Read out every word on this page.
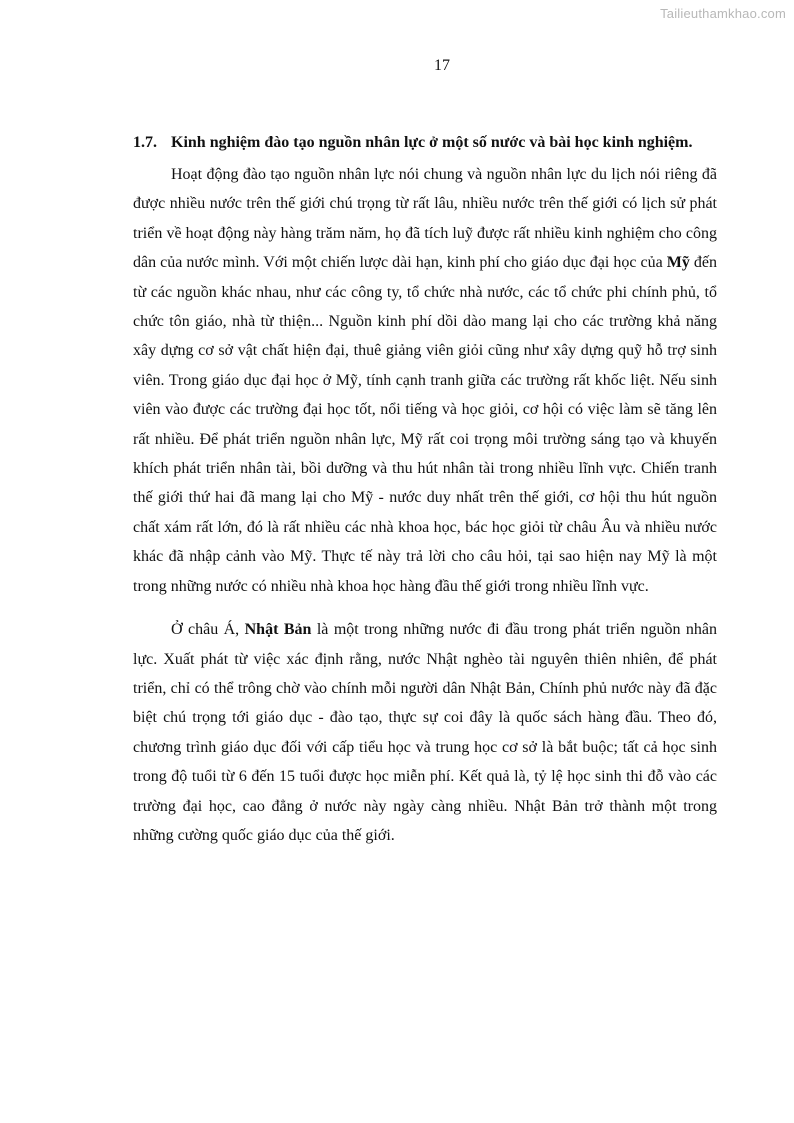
Tailieuthamkhao.com
17
1.7. Kinh nghiệm đào tạo nguồn nhân lực ở một số nước và bài học kinh nghiệm.

Hoạt động đào tạo nguồn nhân lực nói chung và nguồn nhân lực du lịch nói riêng đã được nhiều nước trên thế giới chú trọng từ rất lâu, nhiều nước trên thế giới có lịch sử phát triển về hoạt động này hàng trăm năm, họ đã tích luỹ được rất nhiều kinh nghiệm cho công dân của nước mình. Với một chiến lược dài hạn, kinh phí cho giáo dục đại học của Mỹ đến từ các nguồn khác nhau, như các công ty, tổ chức nhà nước, các tổ chức phi chính phủ, tổ chức tôn giáo, nhà từ thiện... Nguồn kinh phí dồi dào mang lại cho các trường khả năng xây dựng cơ sở vật chất hiện đại, thuê giảng viên giỏi cũng như xây dựng quỹ hỗ trợ sinh viên. Trong giáo dục đại học ở Mỹ, tính cạnh tranh giữa các trường rất khốc liệt. Nếu sinh viên vào được các trường đại học tốt, nổi tiếng và học giỏi, cơ hội có việc làm sẽ tăng lên rất nhiều. Để phát triển nguồn nhân lực, Mỹ rất coi trọng môi trường sáng tạo và khuyến khích phát triển nhân tài, bồi dưỡng và thu hút nhân tài trong nhiều lĩnh vực. Chiến tranh thế giới thứ hai đã mang lại cho Mỹ - nước duy nhất trên thế giới, cơ hội thu hút nguồn chất xám rất lớn, đó là rất nhiều các nhà khoa học, bác học giỏi từ châu Âu và nhiều nước khác đã nhập cảnh vào Mỹ. Thực tế này trả lời cho câu hỏi, tại sao hiện nay Mỹ là một trong những nước có nhiều nhà khoa học hàng đầu thế giới trong nhiều lĩnh vực.

Ở châu Á, Nhật Bản là một trong những nước đi đầu trong phát triển nguồn nhân lực. Xuất phát từ việc xác định rằng, nước Nhật nghèo tài nguyên thiên nhiên, để phát triển, chỉ có thể trông chờ vào chính mỗi người dân Nhật Bản, Chính phủ nước này đã đặc biệt chú trọng tới giáo dục - đào tạo, thực sự coi đây là quốc sách hàng đầu. Theo đó, chương trình giáo dục đối với cấp tiểu học và trung học cơ sở là bắt buộc; tất cả học sinh trong độ tuổi từ 6 đến 15 tuổi được học miễn phí. Kết quả là, tỷ lệ học sinh thi đỗ vào các trường đại học, cao đẳng ở nước này ngày càng nhiều. Nhật Bản trở thành một trong những cường quốc giáo dục của thế giới.
